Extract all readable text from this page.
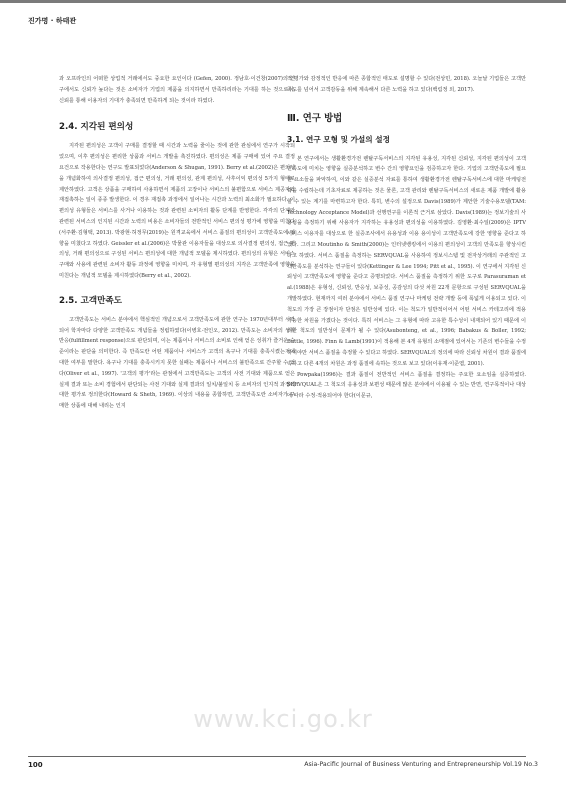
진가명 · 하태관

과 오프라인의 어떠한 상업적 거래에서도 중요한 요인이다 (Gefen, 2000). 정남호·이건창(2007)의 연구에서도 신뢰가 높다는 것은 소비자가 기업의 제품을 의지하면서 만족하리라는 기대를 하는 것으로서, 신뢰를 통해 이용자의 기대가 충족되면 만족하게 되는 것이라 하였다.

2.4. 지각된 편의성

지각된 편의성은 고객이 구매를 결정할 때 시간과 노력을 줄이는 것에 관한 관심에서 연구가 시작되었으며, 이후 편의성은 편리한 상품과 서비스 개발을 촉진하였다. 편의성은 제품 구매에 있어 주요 결정 요건으로 작용한다는 연구도 발표되었다(Anderson & Shugan, 1991). Berry et al.(2002)은 편의성을 개념화하여 의사결정 편의성, 접근 편의성, 거래 편의성, 관계 편의성, 사후이익 편의성 5가지 형태로 제안하였다. 고객은 상품을 구매하여 사용하면서 제품의 고장이나 서비스의 불편함으로 서비스 제공자와 재접촉하는 일이 종종 발생한다. 이 경우 재접촉 과정에서 일어나는 시간과 노력의 최소화가 필요하다. 이 편의성 유형들은 서비스를 사거나 이용하는 것과 관련된 소비자의 활동 단계를 반영한다. 각각의 단계와 관련된 서비스의 인지된 시간과 노력의 비용은 소비자들의 전반적인 서비스 편의성 평가에 영향을 미친다(서주환·김형택, 2013). 박광현·허정무(2019)는 원격교육에서 서비스 품질의 편의성이 고객만족도에 영향을 미쳤다고 하였다. Geissler et al.(2006)은 박물관 이용자들을 대상으로 의사결정 편의성, 접근 편의성, 거래 편의성으로 구성된 서비스 편의성에 대한 개념적 모델을 제시하였다. 편의성의 유형은 서비스 구매와 사용에 관련된 소비자 활동 과정에 영향을 미치며, 각 유형별 편의성의 지각은 고객만족에 영향을 미친다는 개념적 모델을 제시하였다(Berry et al., 2002).

2.5. 고객만족도

고객만족도는 서비스 분야에서 핵심적인 개념으로서 고객만족도에 관한 연구는 1970년대부터 시작되어 학자마다 다양한 고객만족도 개념들을 정립하였다(이병호·전인오, 2012). 만족도는 소비자의 성취 반응(fulfillment response)으로 판단되며, 이는 제품이나 서비스의 소비로 인해 얻은 성취가 즐거운 수준이라는 판단을 의미한다. 즉 만족도란 어떤 제품이나 서비스가 고객의 욕구나 기대를 충족시켰는지에 대한 여부를 말한다. 욕구나 기대를 충족시키지 못한 실패는 제품이나 서비스의 불만족으로 간주할 수 있다(Oliver et al., 1997). '고객의 평가'라는 관점에서 고객만족도는 고객의 사전 기대와 제품으로 얻은 실제 결과 또는 소비 경험에서 판단되는 사전 기대와 실제 결과의 일치/불일치 등 소비자의 인지적 과정에 대한 평가로 정의한다(Howard & Sheth, 1969). 이상의 내용을 종합하면, 고객만족도란 소비자가 구매한 상품에 대해 내리는 인지

적 평가와 감정적인 반응에 따른 종합적인 태도로 설명할 수 있다(전상민, 2018). 오늘날 기업들은 고객만족도를 넘어서 고객감동을 위해 계속해서 다른 노력을 하고 있다(백림정 외, 2017).

Ⅲ. 연구 방법

3.1. 연구 모형 및 가설의 설정

본 연구에서는 생활환경가전 렌탈구독서비스의 지각된 유용성, 지각된 신뢰성, 지각된 편의성이 고객만족도에 미치는 영향을 실증분석하고 변수 간의 영향요인을 검증하고자 한다. 기업의 고객만족도에 필요한 요소들을 파악하여, 이와 같은 실증분석 자료를 통하여 생활환경가전 렌탈구독서비스에 대한 마케팅전략을 수립하는데 기초자료로 제공하는 것은 물론, 고객 관리와 렌탈구독서비스의 새로운 제품 개발에 활용할 수 있는 계기를 마련하고자 한다. 특히, 변수의 설정으로 Davis(1989)가 제안한 기술수용모델(TAM: Technology Acceptance Model)과 선행연구를 이론적 근거로 삼았다. Davis(1989)는 정보기술의 사용성을 측정하기 위해 사용자가 지각하는 유용성과 편의성을 이용하였다. 김영환·최수일(2009)은 IPTV 서비스 이용자를 대상으로 한 실증조사에서 유용성과 이용 용이성이 고객만족도에 강한 영향을 준다고 하였다. 그리고 Moutinho & Smith(2000)는 인터넷뱅킹에서 이용의 편의성이 고객의 만족도를 향상시킨다고 하였다. 서비스 품질을 측정하는 SERVQUAL을 사용하여 정보시스템 및 전자상거래의 주관적인 고객만족도를 분석하는 연구들이 있다(Kettinger & Lee 1994; Pitt et al., 1995). 이 연구에서 지각된 신뢰성이 고객만족도에 영향을 준다고 증명되었다. 서비스 품질을 측정하기 위한 도구로 Parasuraman et al.(1988)은 유형성, 신뢰성, 반응성, 보증성, 공감성의 다섯 차원 22개 문항으로 구성된 SERVQUAL을 개발하였다. 현재까지 여러 분야에서 서비스 품질 연구나 마케팅 전략 개발 등에 폭넓게 이용되고 있다. 이 척도의 가장 큰 장점이자 단점은 일반성에 있다. 이는 척도가 일반적이어서 어떤 서비스 카테고리에 적용 가능한 차원을 가졌다는 것이다. 특히 서비스는 그 유형에 따라 고유한 특수성이 내재되어 있기 때문에 이러한 척도의 일반성이 문제가 될 수 있다(Asubonteng, et al., 1996; Babakus & Boller, 1992; Buttle, 1996). Finn & Lamb(1991)이 적용해 본 4개 유형의 소매점에 있어서는 기존의 변수들을 수정하여야만 서비스 품질을 측정할 수 있다고 하였다. SERVQUAL의 정의에 따라 신뢰성 차원이 결과 품질에 속하고 다른 4개의 차원은 과정 품질에 속하는 것으로 보고 있다(이유재·이준엽, 2001).

Powpaka(1996)는 결과 품질이 전반적인 서비스 품질을 결정하는 주요한 요소임을 실증하였다. SERVQUAL은 그 척도의 응용성과 보편성 때문에 많은 분야에서 이용될 수 있는 반면, 연구목적이나 대상에 따라 수정·적용되어야 한다(이문규,

www.kci.go.kr
100	Asia-Pacific Journal of Business Venturing and Entrepreneurship Vol.19 No.3
